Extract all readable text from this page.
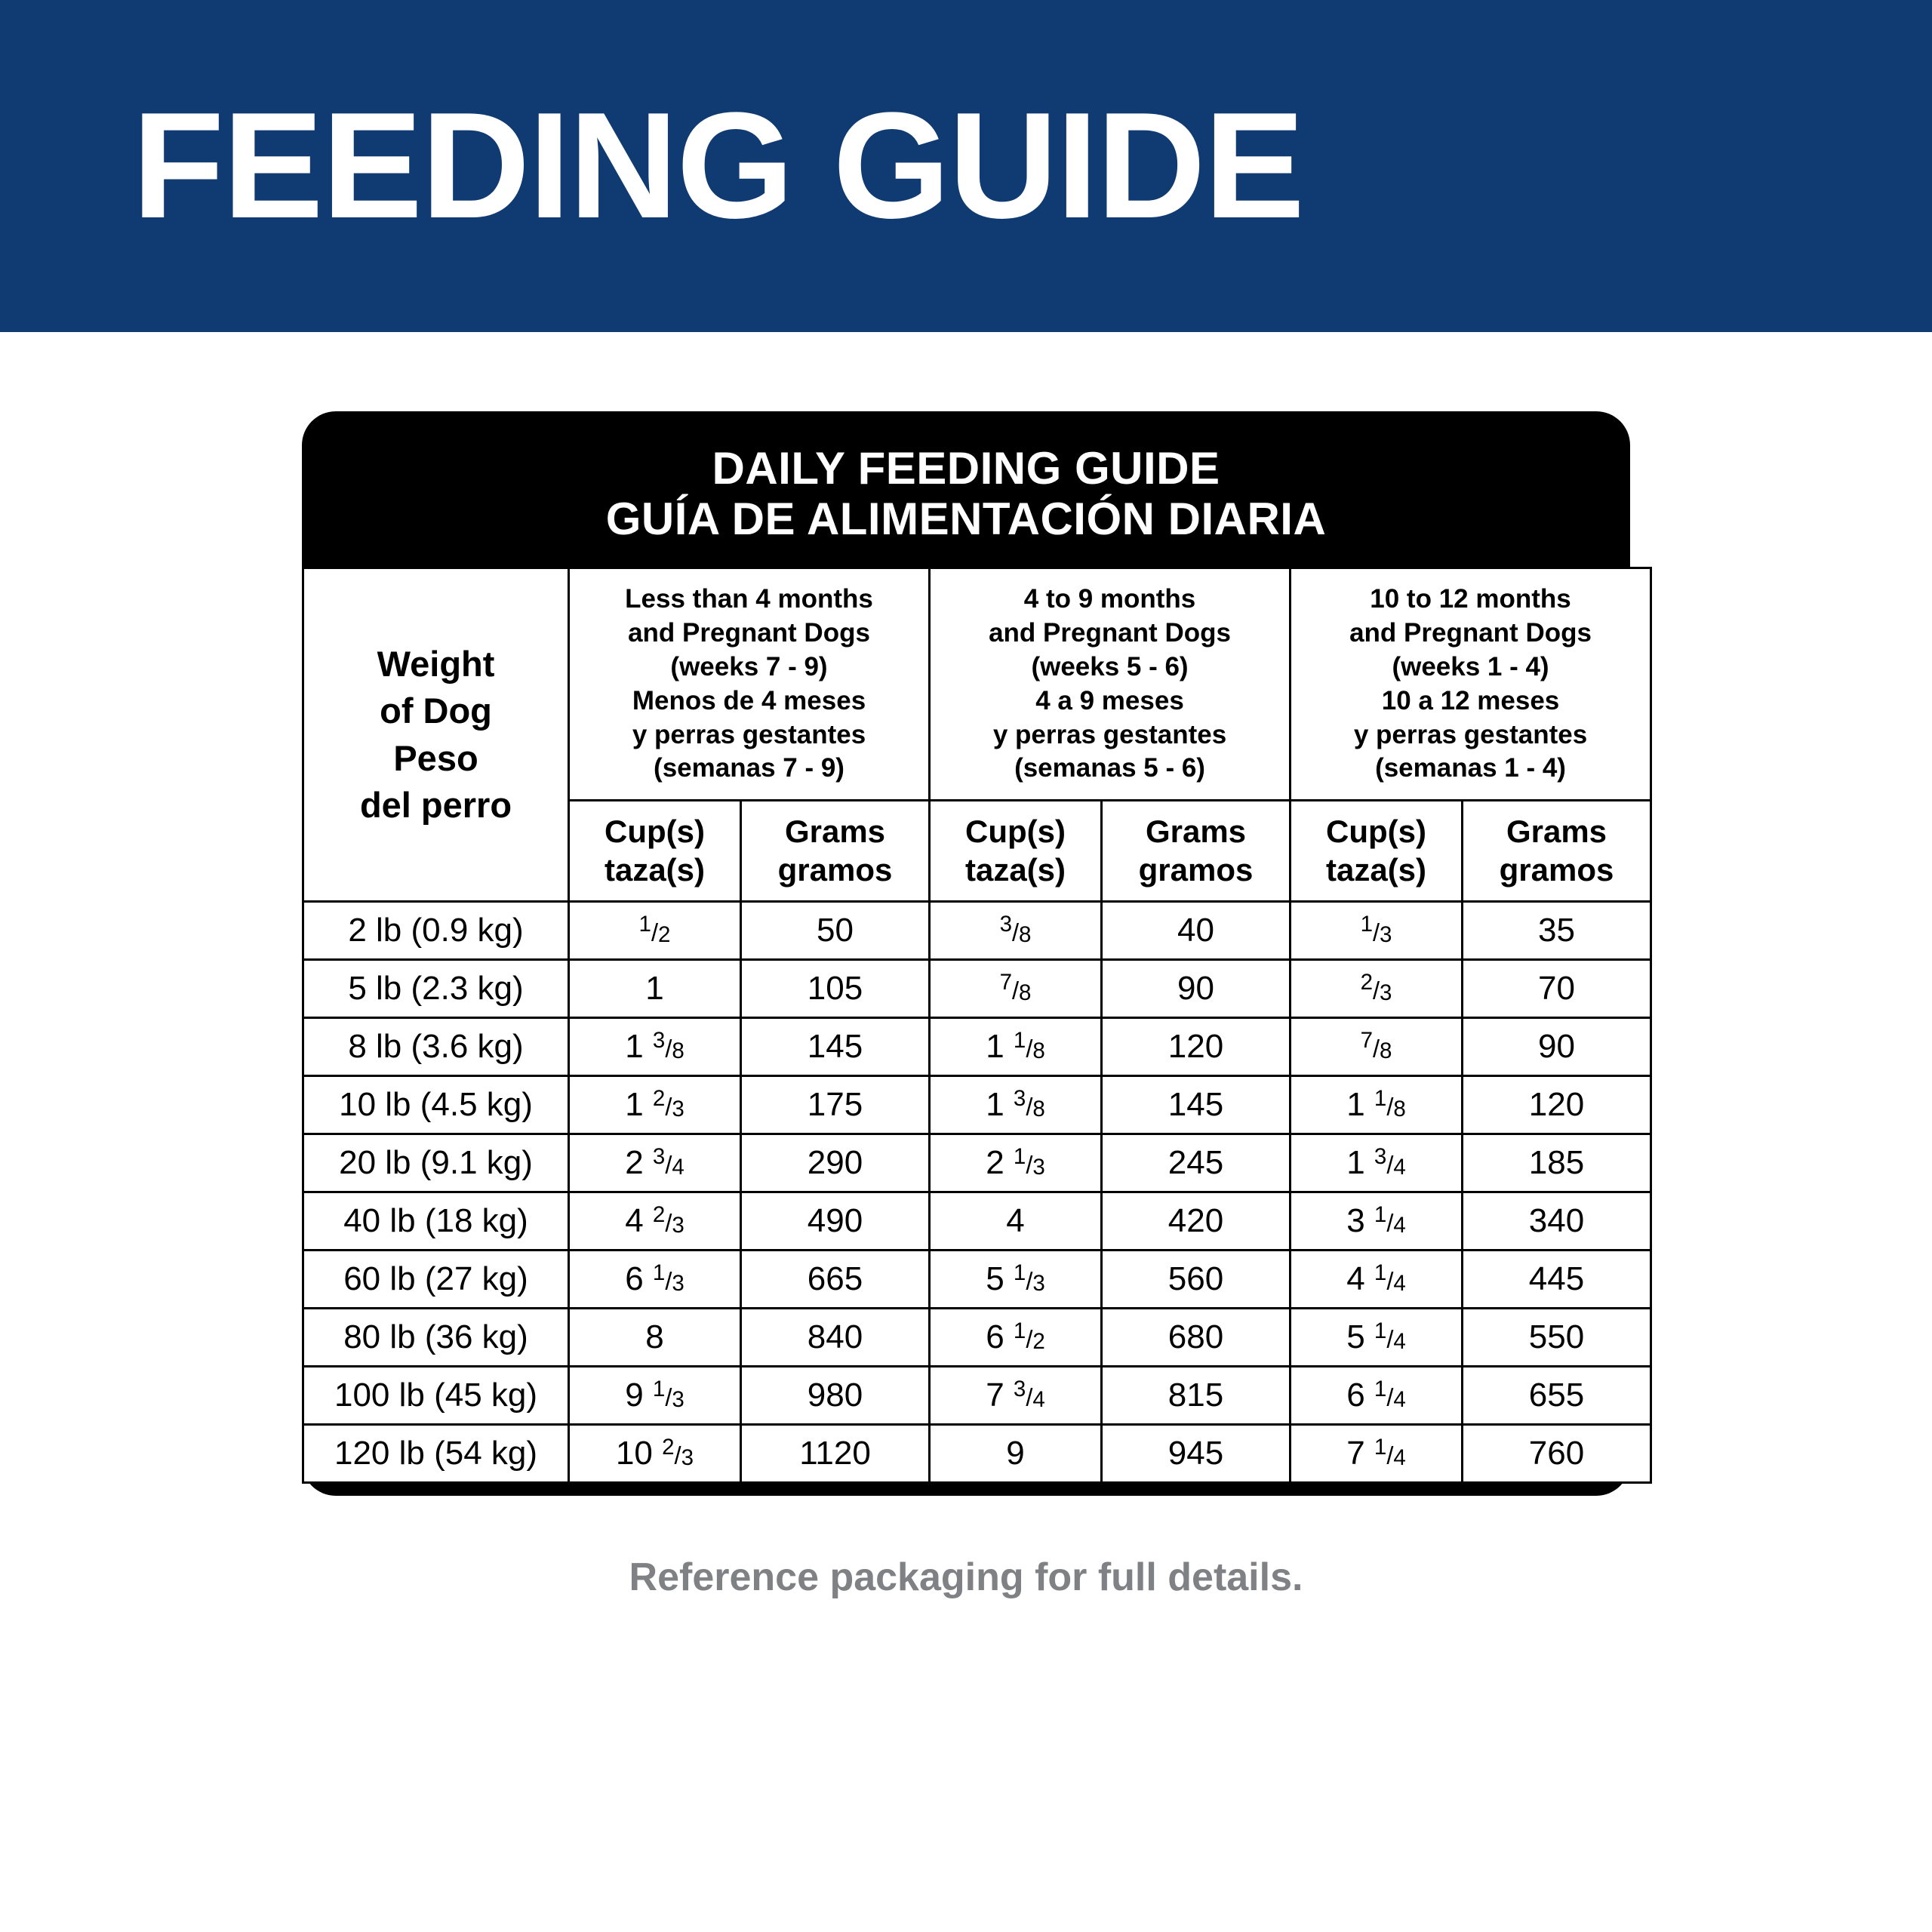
FEEDING GUIDE
DAILY FEEDING GUIDE
GUÍA DE ALIMENTACIÓN DIARIA
Weight
of Dog
Peso
del perro

Less than 4 months
and Pregnant Dogs
(weeks 7 - 9)
Menos de 4 meses
y perras gestantes
(semanas 7 - 9)

4 to 9 months
and Pregnant Dogs
(weeks 5 - 6)
4 a 9 meses
y perras gestantes
(semanas 5 - 6)

10 to 12 months
and Pregnant Dogs
(weeks 1 - 4)
10 a 12 meses
y perras gestantes
(semanas 1 - 4)

Cup(s)
taza(s)

Grams
gramos

Cup(s)
taza(s)

Grams
gramos

Cup(s)
taza(s)

Grams
gramos

2 lb (0.9 kg)	1/2	50	3/8	40	1/3	35
5 lb (2.3 kg)	1	105	7/8	90	2/3	70
8 lb (3.6 kg)	1 3/8	145	1 1/8	120	7/8	90
10 lb (4.5 kg)	1 2/3	175	1 3/8	145	1 1/8	120
20 lb (9.1 kg)	2 3/4	290	2 1/3	245	1 3/4	185
40 lb (18 kg)	4 2/3	490	4	420	3 1/4	340
60 lb (27 kg)	6 1/3	665	5 1/3	560	4 1/4	445
80 lb (36 kg)	8	840	6 1/2	680	5 1/4	550
100 lb (45 kg)	9 1/3	980	7 3/4	815	6 1/4	655
120 lb (54 kg)	10 2/3	1120	9	945	7 1/4	760
Reference packaging for full details.
